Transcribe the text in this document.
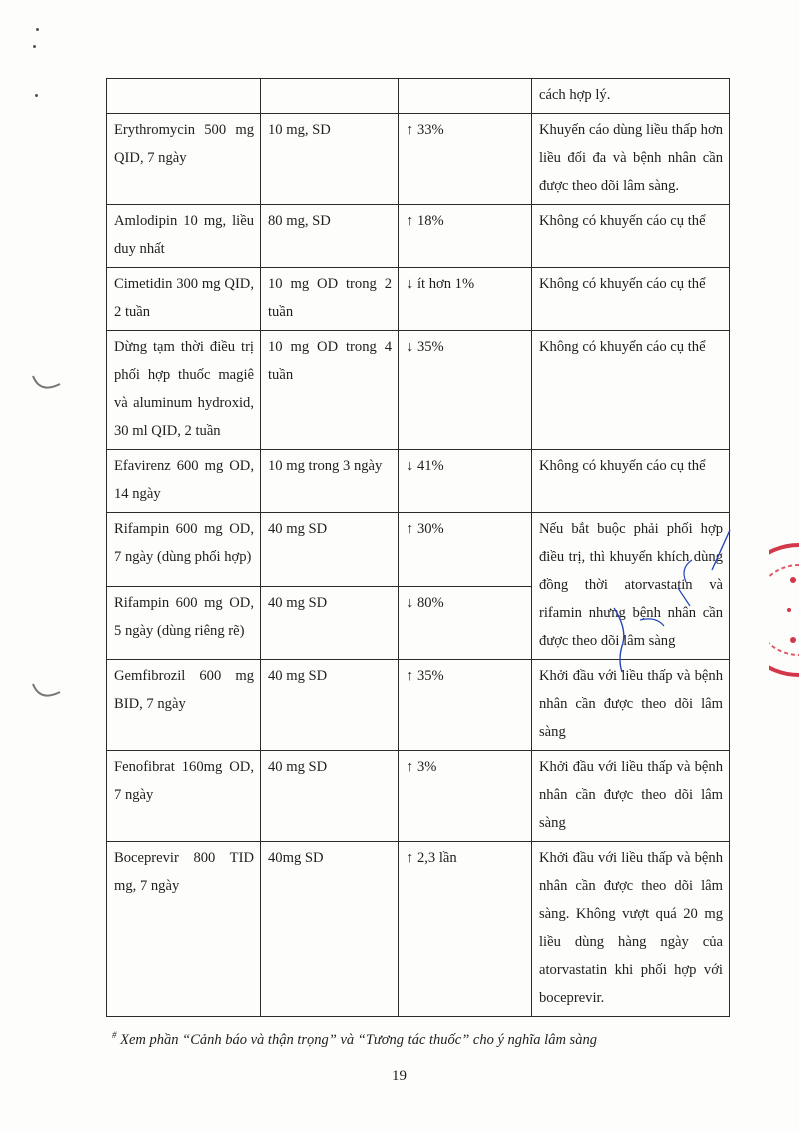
			cách hợp lý.
Erythromycin 500 mg QID, 7 ngày	10 mg, SD	↑ 33%	Khuyến cáo dùng liều thấp hơn liều đối đa và bệnh nhân cần được theo dõi lâm sàng.
Amlodipin 10 mg, liều duy nhất	80 mg, SD	↑ 18%	Không có khuyến cáo cụ thể
Cimetidin 300 mg QID, 2 tuần	10 mg OD trong 2 tuần	↓ ít hơn 1%	Không có khuyến cáo cụ thể
Dừng tạm thời điều trị phối hợp thuốc magiê và aluminum hydroxid, 30 ml QID, 2 tuần	10 mg OD trong 4 tuần	↓ 35%	Không có khuyến cáo cụ thể
Efavirenz 600 mg OD, 14 ngày	10 mg trong 3 ngày	↓ 41%	Không có khuyến cáo cụ thể
Rifampin 600 mg OD, 7 ngày (dùng phối hợp)	40 mg SD	↑ 30%	Nếu bắt buộc phải phối hợp điều trị, thì khuyến khích dùng đồng thời atorvastatin và rifamin nhưng bệnh nhân cần được theo dõi lâm sàng
Rifampin 600 mg OD, 5 ngày (dùng riêng rẽ)	40 mg SD	↓ 80%	
Gemfibrozil 600 mg BID, 7 ngày	40 mg SD	↑ 35%	Khởi đầu với liều thấp và bệnh nhân cần được theo dõi lâm sàng
Fenofibrat 160mg OD, 7 ngày	40 mg SD	↑ 3%	Khởi đầu với liều thấp và bệnh nhân cần được theo dõi lâm sàng
Boceprevir 800 TID mg, 7 ngày	40mg SD	↑ 2,3 lần	Khởi đầu với liều thấp và bệnh nhân cần được theo dõi lâm sàng. Không vượt quá 20 mg liều dùng hàng ngày của atorvastatin khi phối hợp với boceprevir.
# Xem phần “Cảnh báo và thận trọng” và “Tương tác thuốc” cho ý nghĩa lâm sàng
19
